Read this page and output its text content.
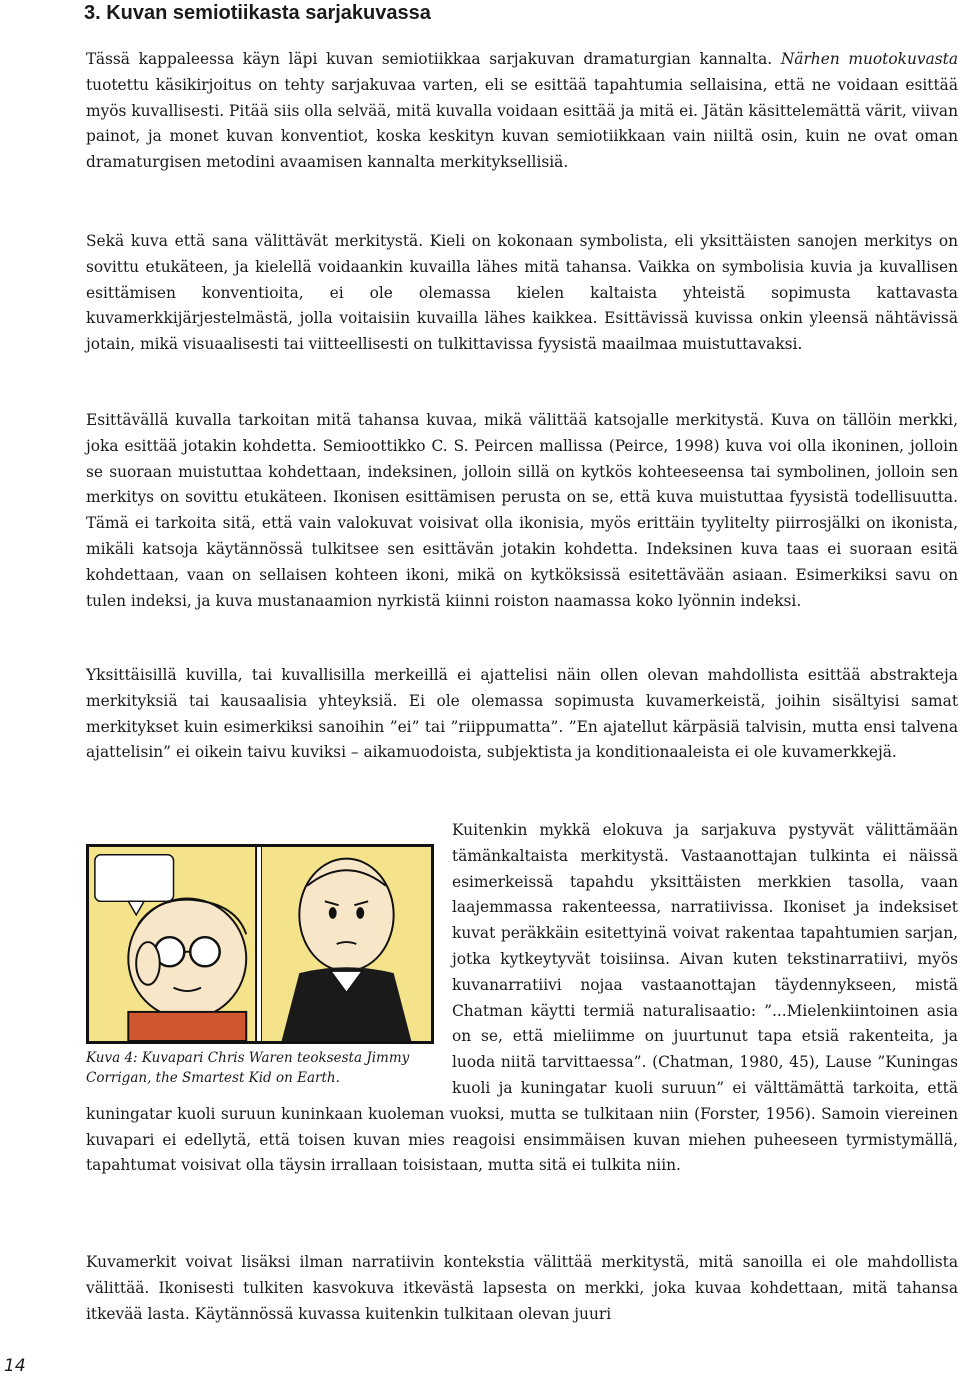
3. Kuvan semiotiikasta sarjakuvassa

Tässä kappaleessa käyn läpi kuvan semiotiikkaa sarjakuvan dramaturgian kannalta. Närhen muotokuvasta tuotettu käsikirjoitus on tehty sarjakuvaa varten, eli se esittää tapahtumia sellaisina, että ne voidaan esittää myös kuvallisesti. Pitää siis olla selvää, mitä kuvalla voidaan esittää ja mitä ei. Jätän käsittelemättä värit, viivan painot, ja monet kuvan konventiot, koska keskityn kuvan semiotiikkaan vain niiltä osin, kuin ne ovat oman dramaturgisen metodini avaamisen kannalta merkityksellisiä.

Sekä kuva että sana välittävät merkitystä. Kieli on kokonaan symbolista, eli yksittäisten sanojen merkitys on sovittu etukäteen, ja kielellä voidaankin kuvailla lähes mitä tahansa. Vaikka on symbolisia kuvia ja kuvallisen esittämisen konventioita, ei ole olemassa kielen kaltaista yhteistä sopimusta kattavasta kuvamerkkijärjestelmästä, jolla voitaisiin kuvailla lähes kaikkea. Esittävissä kuvissa onkin yleensä nähtävissä jotain, mikä visuaalisesti tai viitteellisesti on tulkittavissa fyysistä maailmaa muistuttavaksi.

Esittävällä kuvalla tarkoitan mitä tahansa kuvaa, mikä välittää katsojalle merkitystä. Kuva on tällöin merkki, joka esittää jotakin kohdetta. Semioottikko C. S. Peircen mallissa (Peirce, 1998) kuva voi olla ikoninen, jolloin se suoraan muistuttaa kohdettaan, indeksinen, jolloin sillä on kytkös kohteeseensa tai symbolinen, jolloin sen merkitys on sovittu etukäteen. Ikonisen esittämisen perusta on se, että kuva muistuttaa fyysistä todellisuutta. Tämä ei tarkoita sitä, että vain valokuvat voisivat olla ikonisia, myös erittäin tyylitelty piirrosjälki on ikonista, mikäli katsoja käytännössä tulkitsee sen esittävän jotakin kohdetta. Indeksinen kuva taas ei suoraan esitä kohdettaan, vaan on sellaisen kohteen ikoni, mikä on kytköksissä esitettävään asiaan. Esimerkiksi savu on tulen indeksi, ja kuva mustanaamion nyrkistä kiinni roiston naamassa koko lyönnin indeksi.

Yksittäisillä kuvilla, tai kuvallisilla merkeillä ei ajattelisi näin ollen olevan mahdollista esittää abstrakteja merkityksiä tai kausaalisia yhteyksiä. Ei ole olemassa sopimusta kuvamerkeistä, joihin sisältyisi samat merkitykset kuin esimerkiksi sanoihin ”ei” tai ”riippumatta”. ”En ajatellut kärpäsiä talvisin, mutta ensi talvena ajattelisin” ei oikein taivu kuviksi – aikamuodoista, subjektista ja konditionaaleista ei ole kuvamerkkejä.

Kuva 4: Kuvapari Chris Waren teoksesta Jimmy Corrigan, the Smartest Kid on Earth.

Kuitenkin mykkä elokuva ja sarjakuva pystyvät välittämään tämänkaltaista merkitystä. Vastaanottajan tulkinta ei näissä esimerkeissä tapahdu yksittäisten merkkien tasolla, vaan laajemmassa rakenteessa, narratiivissa. Ikoniset ja indeksiset kuvat peräkkäin esitettyinä voivat rakentaa tapahtumien sarjan, jotka kytkeytyvät toisiinsa. Aivan kuten tekstinarratiivi, myös kuvanarratiivi nojaa vastaanottajan täydennykseen, mistä Chatman käytti termiä naturalisaatio: ”...Mielenkiintoinen asia on se, että mieliimme on juurtunut tapa etsiä rakenteita, ja luoda niitä tarvittaessa”. (Chatman, 1980, 45), Lause ”Kuningas kuoli ja kuningatar kuoli suruun” ei välttämättä tarkoita, että kuningatar kuoli suruun kuninkaan kuoleman vuoksi, mutta se tulkitaan niin (Forster, 1956). Samoin viereinen kuvapari ei edellytä, että toisen kuvan mies reagoisi ensimmäisen kuvan miehen puheeseen tyrmistymällä, tapahtumat voisivat olla täysin irrallaan toisistaan, mutta sitä ei tulkita niin.

Kuvamerkit voivat lisäksi ilman narratiivin kontekstia välittää merkitystä, mitä sanoilla ei ole mahdollista välittää. Ikonisesti tulkiten kasvokuva itkevästä lapsesta on merkki, joka kuvaa kohdettaan, mitä tahansa itkevää lasta. Käytännössä kuvassa kuitenkin tulkitaan olevan juuri

14
